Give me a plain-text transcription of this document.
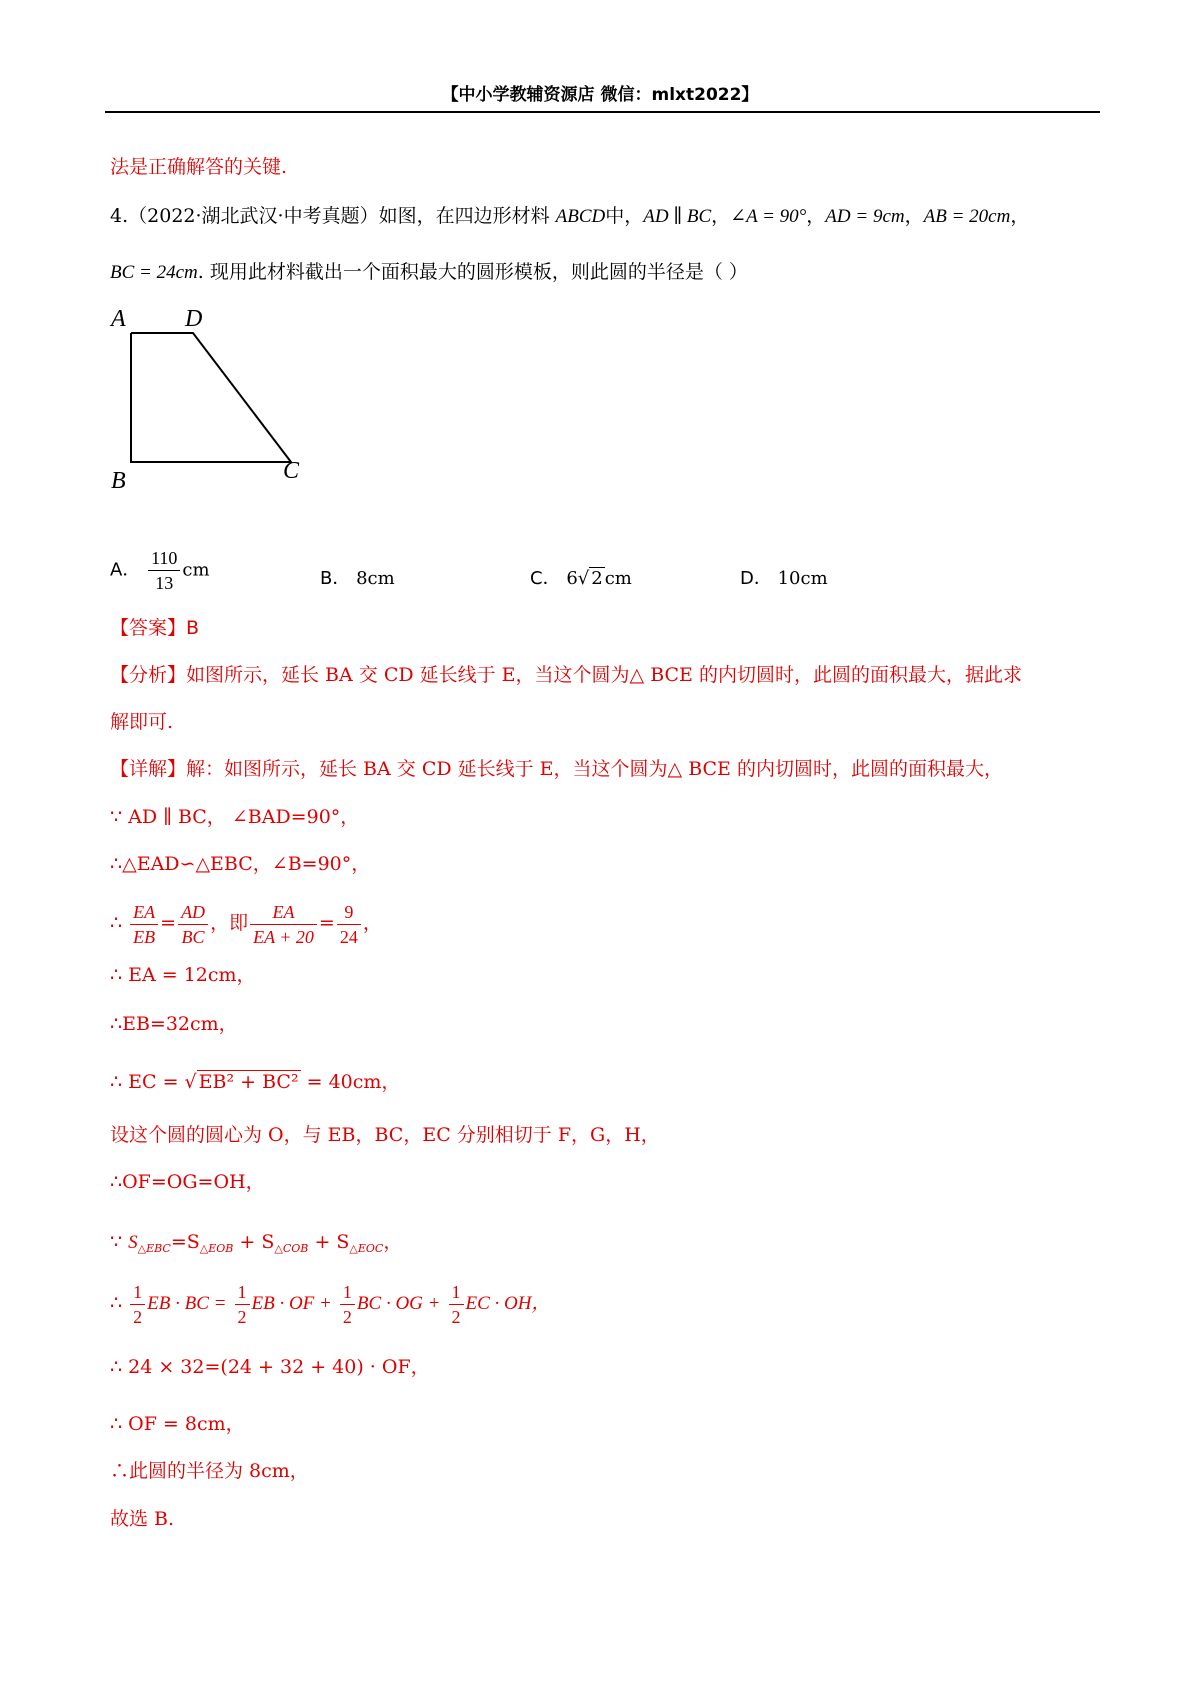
【中小学教辅资源店 微信：mlxt2022】
法是正确解答的关键.
4.（2022·湖北武汉·中考真题）如图，在四边形材料 ABCD中，AD ∥ BC，∠A = 90°，AD = 9cm，AB = 20cm，
BC = 24cm. 现用此材料截出一个面积最大的圆形模板，则此圆的半径是（ ）
A D
B	C
A． $\frac{110}{13}$ cm	B． 8cm	C． 6√ 2 cm	D． 10cm
【答案】B
【分析】如图所示，延长 BA 交 CD 延长线于 E，当这个圆为△ BCE 的内切圆时，此圆的面积最大，据此求
解即可.
【详解】解：如图所示，延长 BA 交 CD 延长线于 E，当这个圆为△ BCE 的内切圆时，此圆的面积最大，
∵ AD ∥ BC， ∠BAD=90°，
∴△EAD∽△EBC，∠B=90°，
∴ $\frac{EA}{EB} = \frac{AD}{BC}$ ，即 $\frac{EA}{EA + 20} = \frac{9}{24}$ ，
∴ EA = 12cm，
∴EB=32cm，
∴ EC = √ EB² + BC² = 40cm，
设这个圆的圆心为 O，与 EB，BC，EC 分别相切于 F，G，H，
∴OF=OG=OH，
∵ $S_{\triangle EBC}=S_{\triangle EOB} + S_{\triangle COB} + S_{\triangle EOC}$，
∴ $\frac{1}{2}$ EB · BC = $\frac{1}{2}$ EB · OF + $\frac{1}{2}$ BC · OG + $\frac{1}{2}$ EC · OH，
∴ 24 × 32=(24 + 32 + 40) · OF，
∴ OF = 8cm，
∴此圆的半径为 8cm，
故选 B.
